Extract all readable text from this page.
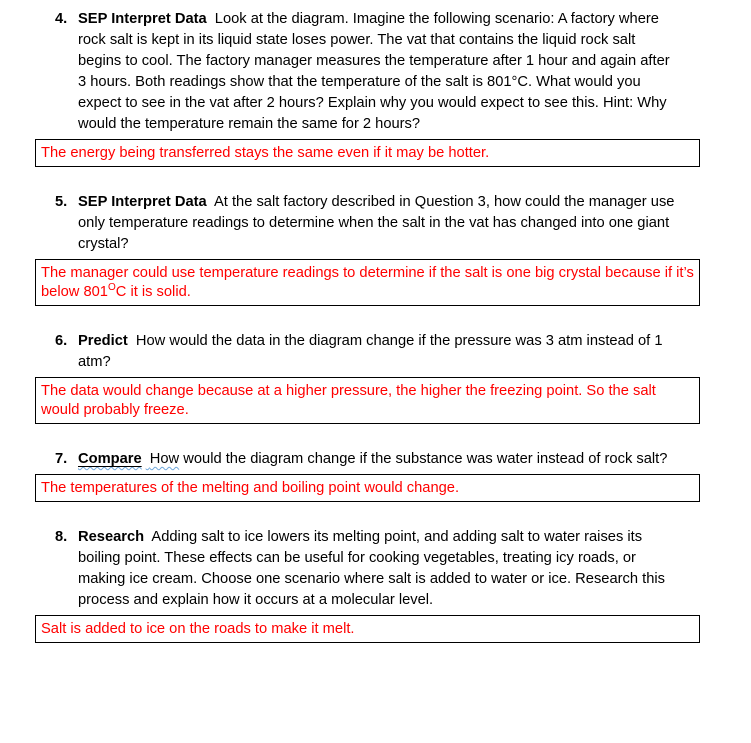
4. SEP Interpret Data Look at the diagram. Imagine the following scenario: A factory where rock salt is kept in its liquid state loses power. The vat that contains the liquid rock salt begins to cool. The factory manager measures the temperature after 1 hour and again after 3 hours. Both readings show that the temperature of the salt is 801°C. What would you expect to see in the vat after 2 hours? Explain why you would expect to see this. Hint: Why would the temperature remain the same for 2 hours?
The energy being transferred stays the same even if it may be hotter.
5. SEP Interpret Data At the salt factory described in Question 3, how could the manager use only temperature readings to determine when the salt in the vat has changed into one giant crystal?
The manager could use temperature readings to determine if the salt is one big crystal because if it’s below $801^OC$ it is solid.
6. Predict How would the data in the diagram change if the pressure was 3 atm instead of 1 atm?
The data would change because at a higher pressure, the higher the freezing point. So the salt would probably freeze.
7. Compare How would the diagram change if the substance was water instead of rock salt?
The temperatures of the melting and boiling point would change.
8. Research Adding salt to ice lowers its melting point, and adding salt to water raises its boiling point. These effects can be useful for cooking vegetables, treating icy roads, or making ice cream. Choose one scenario where salt is added to water or ice. Research this process and explain how it occurs at a molecular level.
Salt is added to ice on the roads to make it melt.
